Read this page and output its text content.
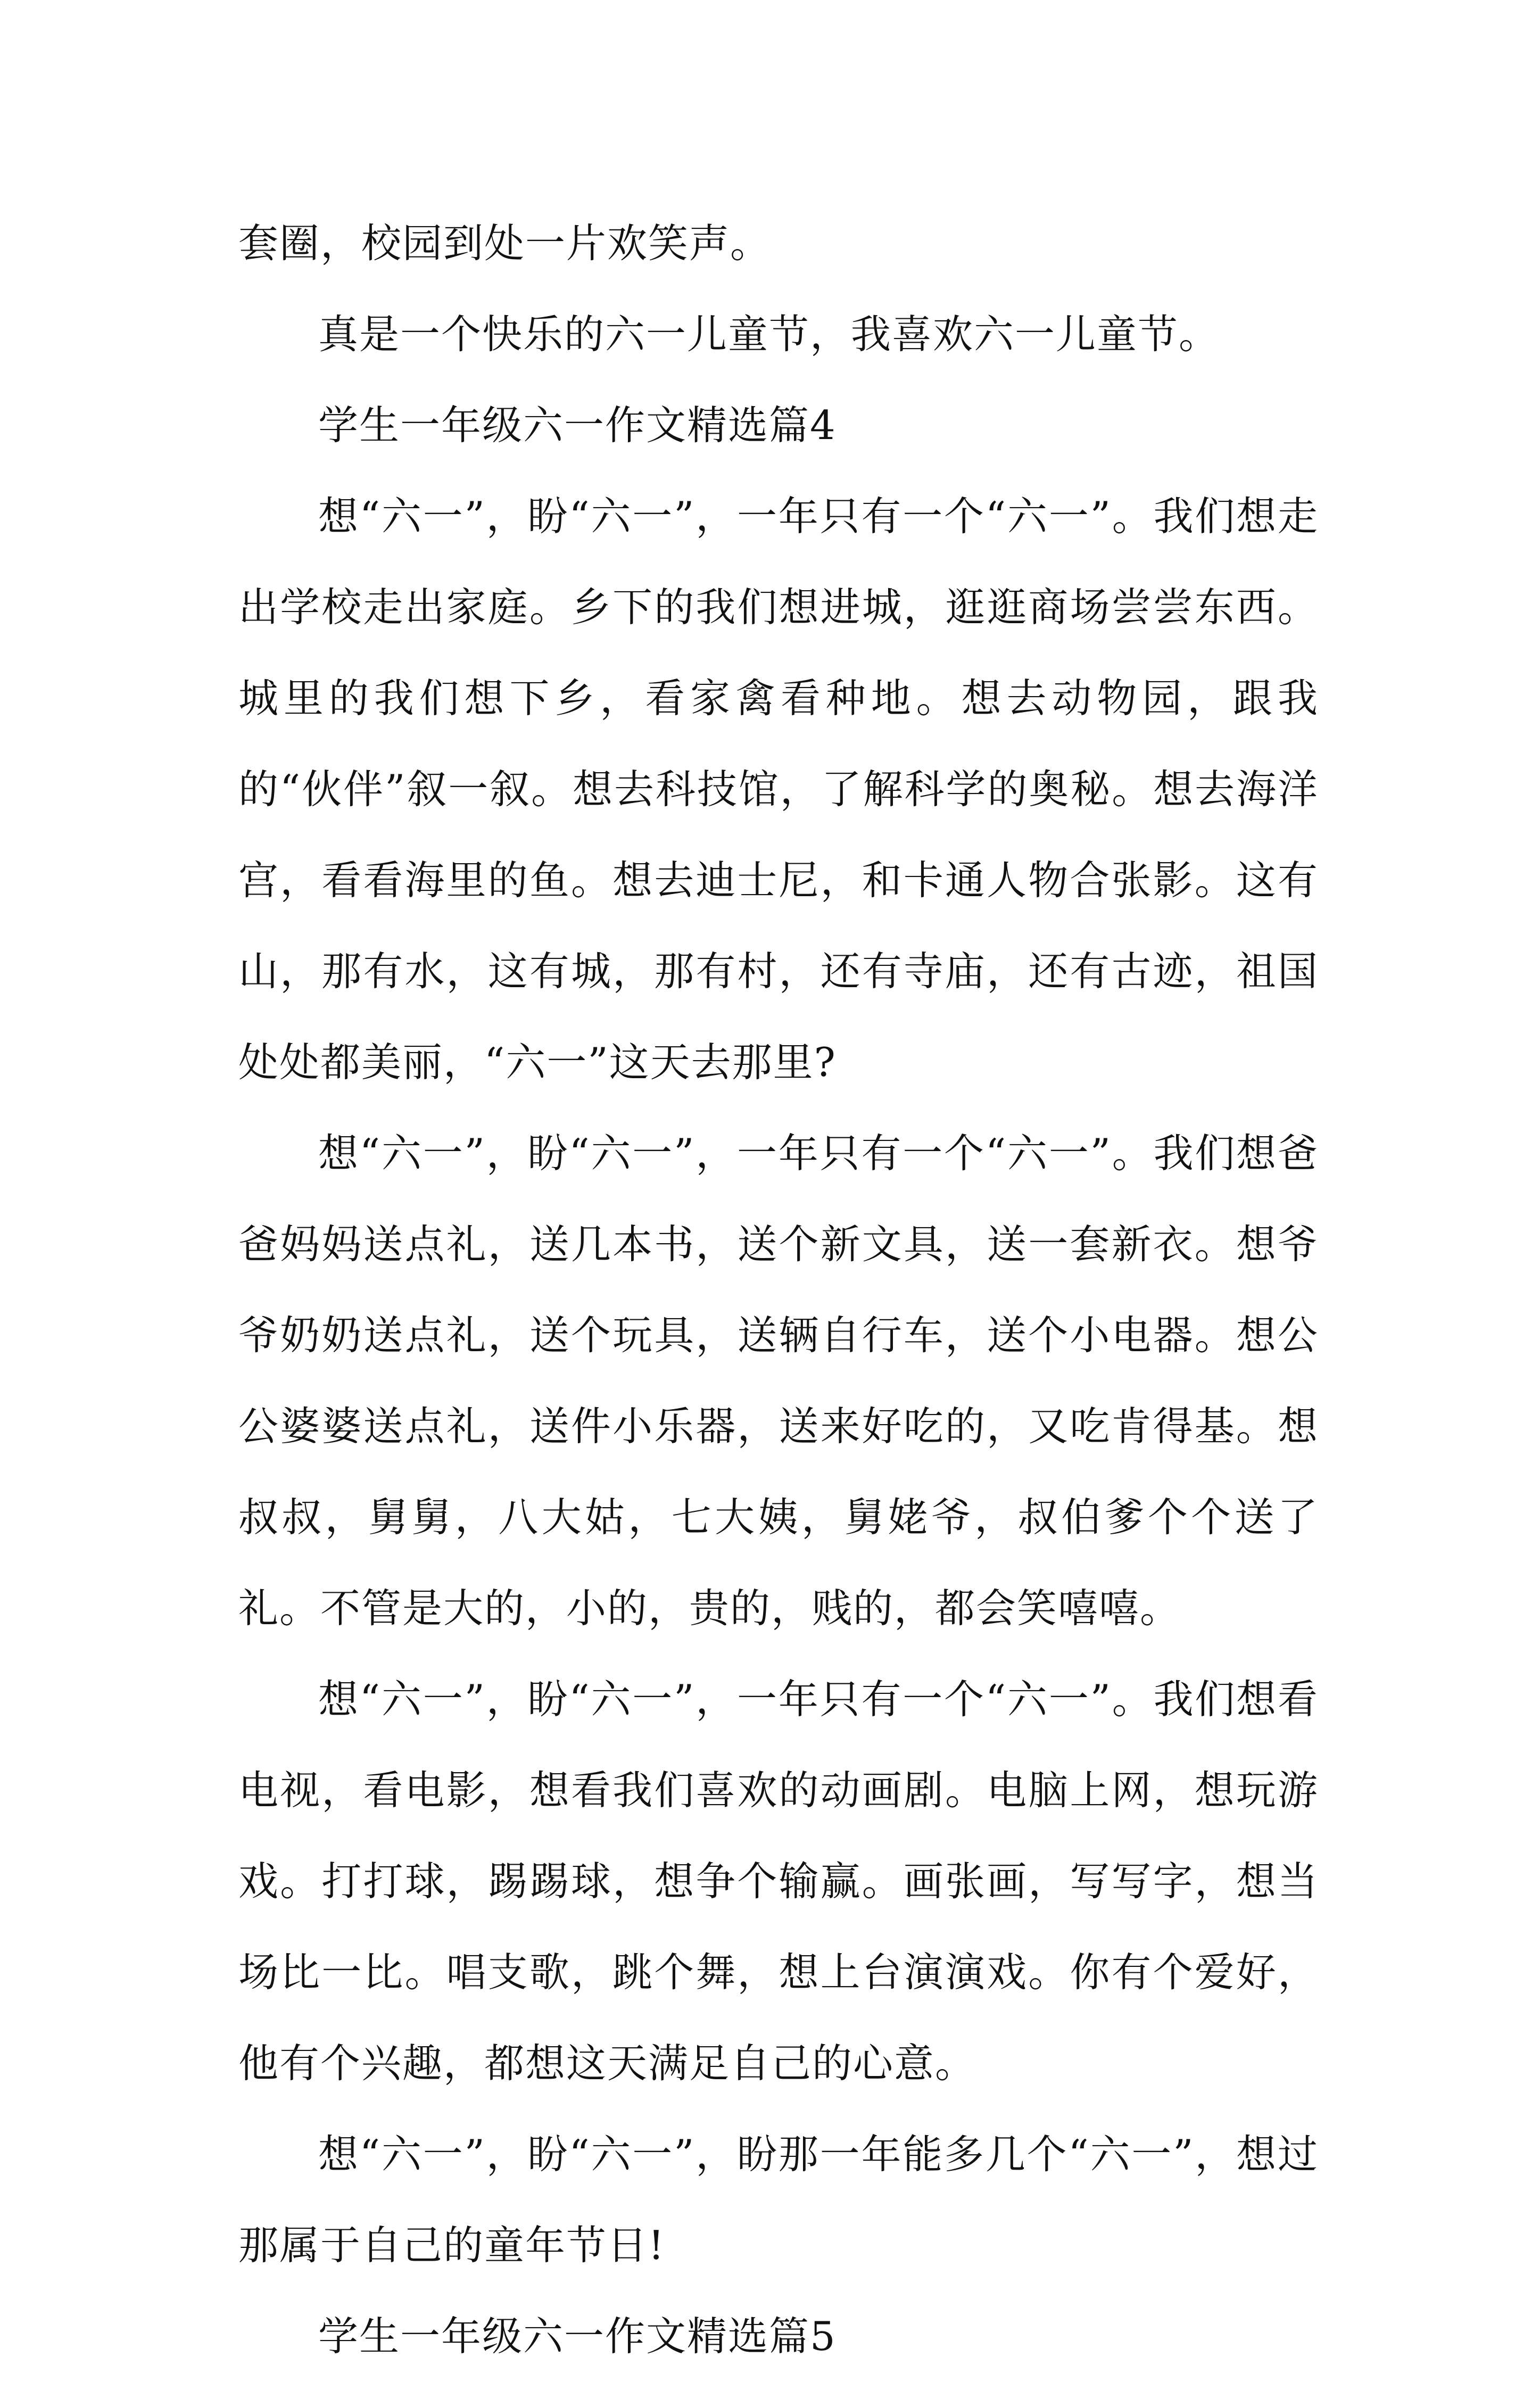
套圈，校园到处一片欢笑声。

真是一个快乐的六一儿童节，我喜欢六一儿童节。

学生一年级六一作文精选篇4

想“六一”，盼“六一”，一年只有一个“六一”。我们想走出学校走出家庭。乡下的我们想进城，逛逛商场尝尝东西。城里的我们想下乡，看家禽看种地。想去动物园，跟我的“伙伴”叙一叙。想去科技馆，了解科学的奥秘。想去海洋宫，看看海里的鱼。想去迪士尼，和卡通人物合张影。这有山，那有水，这有城，那有村，还有寺庙，还有古迹，祖国处处都美丽，“六一”这天去那里?

想“六一”，盼“六一”，一年只有一个“六一”。我们想爸爸妈妈送点礼，送几本书，送个新文具，送一套新衣。想爷爷奶奶送点礼，送个玩具，送辆自行车，送个小电器。想公公婆婆送点礼，送件小乐器，送来好吃的，又吃肯得基。想叔叔，舅舅，八大姑，七大姨，舅姥爷，叔伯爹个个送了礼。不管是大的，小的，贵的，贱的，都会笑嘻嘻。

想“六一”，盼“六一”，一年只有一个“六一”。我们想看电视，看电影，想看我们喜欢的动画剧。电脑上网，想玩游戏。打打球，踢踢球，想争个输赢。画张画，写写字，想当场比一比。唱支歌，跳个舞，想上台演演戏。你有个爱好，他有个兴趣，都想这天满足自己的心意。

想“六一”，盼“六一”，盼那一年能多几个“六一”，想过那属于自己的童年节日!

学生一年级六一作文精选篇5
